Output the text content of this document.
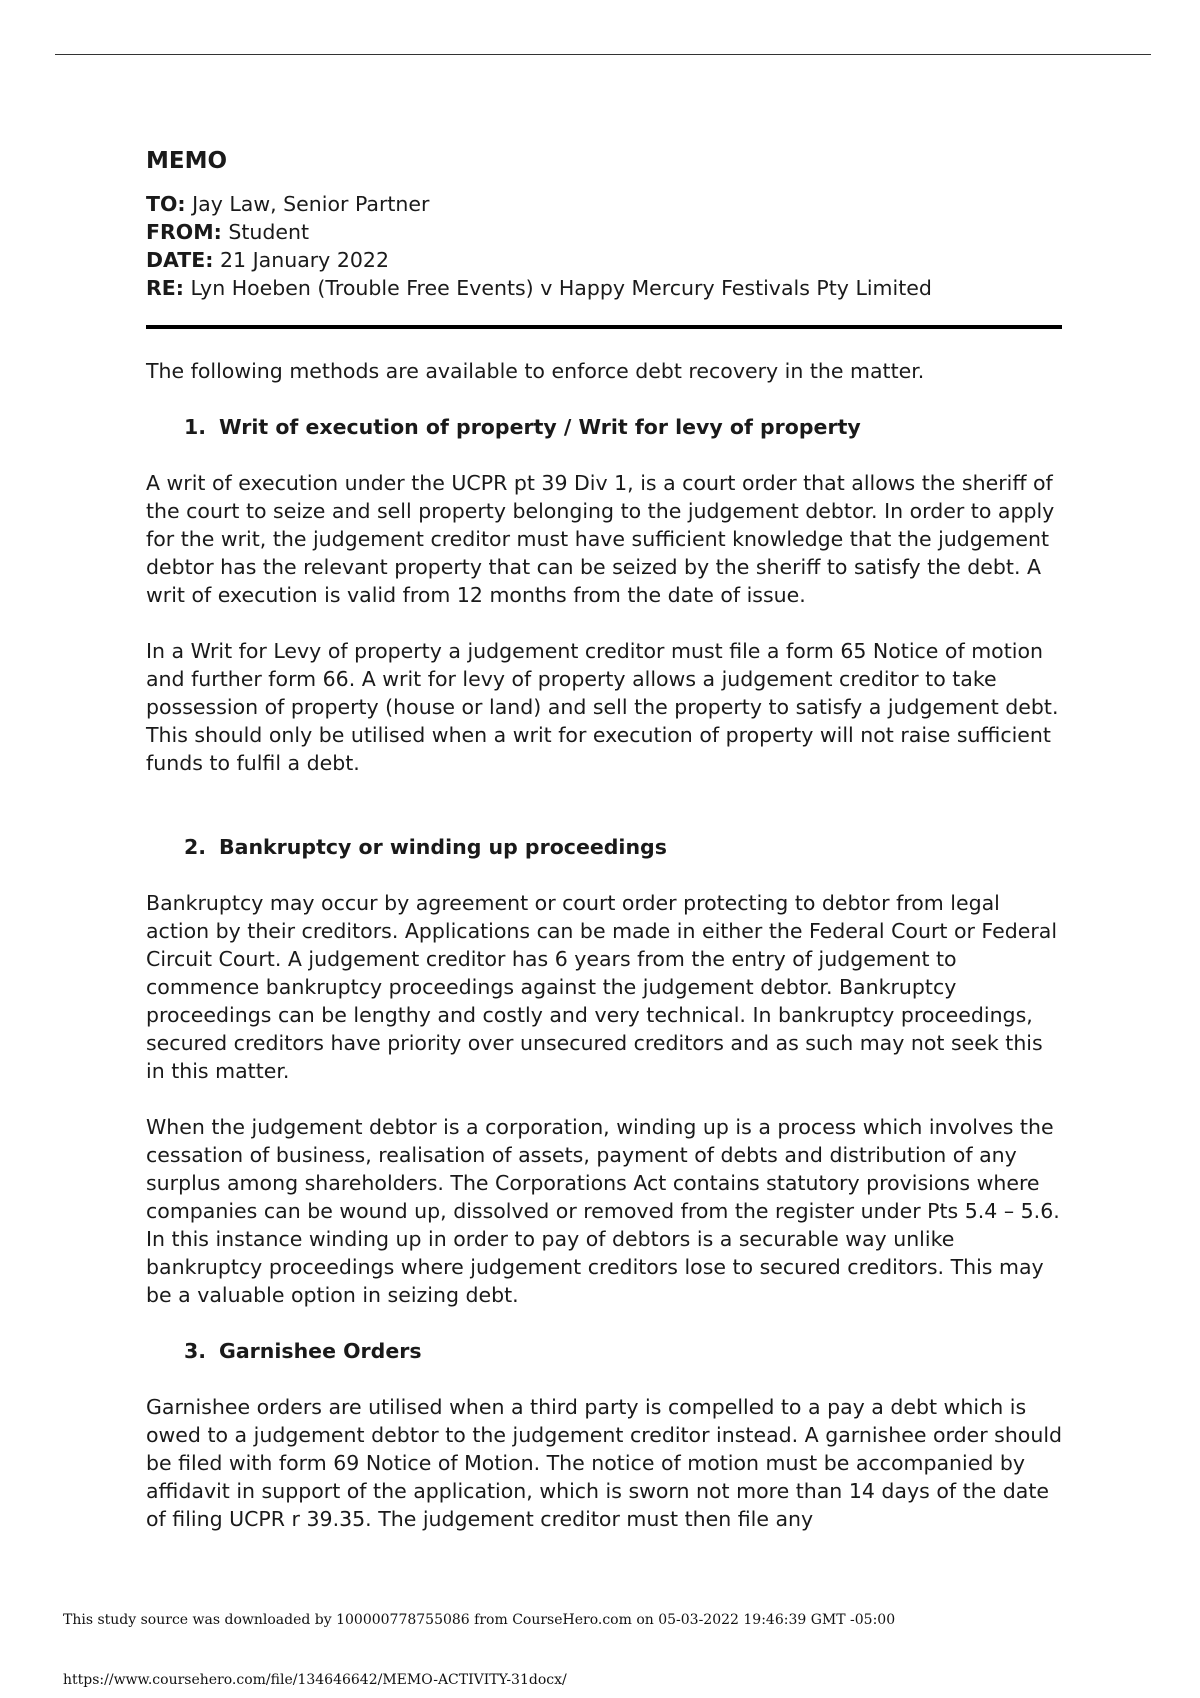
MEMO
TO: Jay Law, Senior Partner
FROM: Student
DATE: 21 January 2022
RE: Lyn Hoeben (Trouble Free Events) v Happy Mercury Festivals Pty Limited

The following methods are available to enforce debt recovery in the matter.

1. Writ of execution of property / Writ for levy of property

A writ of execution under the UCPR pt 39 Div 1, is a court order that allows the sheriff of the court to seize and sell property belonging to the judgement debtor. In order to apply for the writ, the judgement creditor must have sufficient knowledge that the judgement debtor has the relevant property that can be seized by the sheriff to satisfy the debt. A writ of execution is valid from 12 months from the date of issue.

In a Writ for Levy of property a judgement creditor must file a form 65 Notice of motion and further form 66. A writ for levy of property allows a judgement creditor to take possession of property (house or land) and sell the property to satisfy a judgement debt. This should only be utilised when a writ for execution of property will not raise sufficient funds to fulfil a debt.

2. Bankruptcy or winding up proceedings

Bankruptcy may occur by agreement or court order protecting to debtor from legal action by their creditors. Applications can be made in either the Federal Court or Federal Circuit Court. A judgement creditor has 6 years from the entry of judgement to commence bankruptcy proceedings against the judgement debtor. Bankruptcy proceedings can be lengthy and costly and very technical. In bankruptcy proceedings, secured creditors have priority over unsecured creditors and as such may not seek this in this matter.

When the judgement debtor is a corporation, winding up is a process which involves the cessation of business, realisation of assets, payment of debts and distribution of any surplus among shareholders. The Corporations Act contains statutory provisions where companies can be wound up, dissolved or removed from the register under Pts 5.4 – 5.6. In this instance winding up in order to pay of debtors is a securable way unlike bankruptcy proceedings where judgement creditors lose to secured creditors. This may be a valuable option in seizing debt.

3. Garnishee Orders

Garnishee orders are utilised when a third party is compelled to a pay a debt which is owed to a judgement debtor to the judgement creditor instead. A garnishee order should be filed with form 69 Notice of Motion. The notice of motion must be accompanied by affidavit in support of the application, which is sworn not more than 14 days of the date of filing UCPR r 39.35. The judgement creditor must then file any

This study source was downloaded by 100000778755086 from CourseHero.com on 05-03-2022 19:46:39 GMT -05:00
https://www.coursehero.com/file/134646642/MEMO-ACTIVITY-31docx/
